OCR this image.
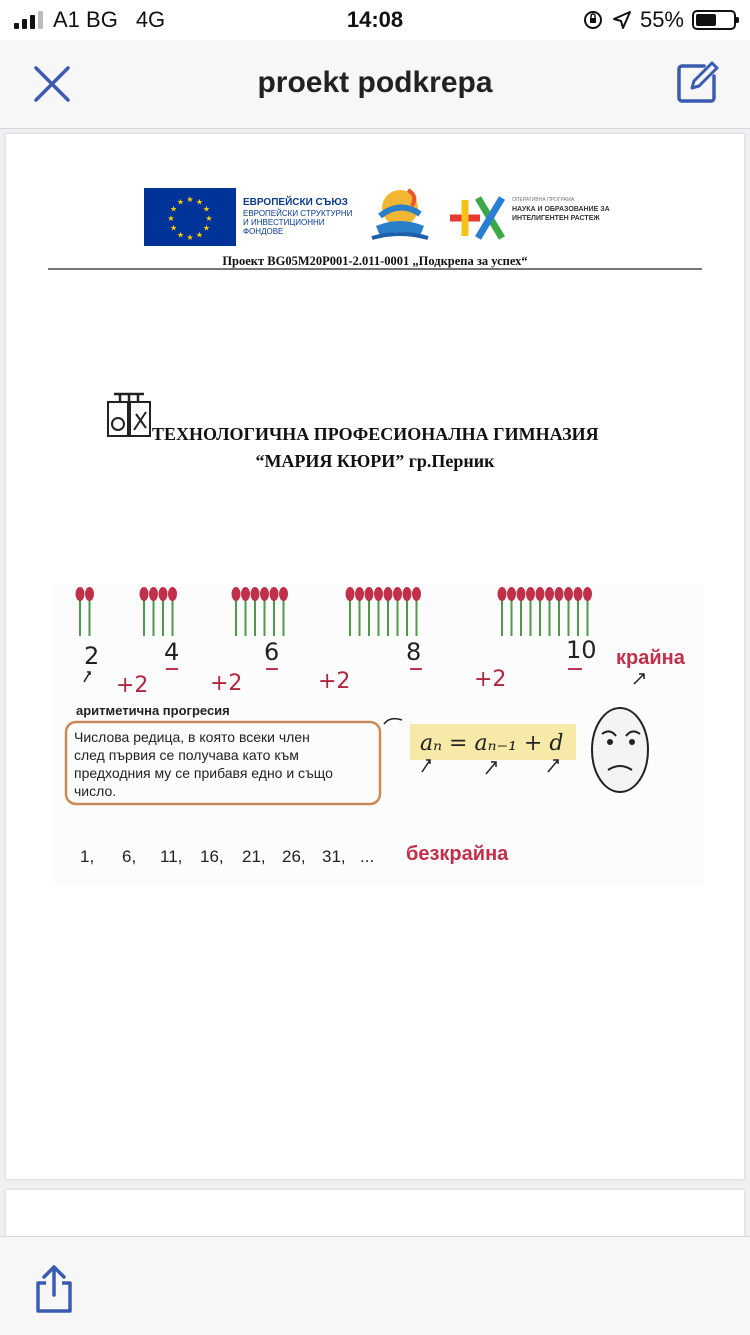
A1 BG 4G	14:08	55%
proekt podkrepa
★ ★
★
★
★
★
★
★
★
★
★
★	ЕВРОПЕЙСКИ СЪЮЗ
ЕВРОПЕЙСКИ СТРУКТУРНИ И ИНВЕСТИЦИОННИ ФОНДОВЕ
ОПЕРАТИВНА ПРОГРАМА
НАУКА И ОБРАЗОВАНИЕ ЗА ИНТЕЛИГЕНТЕН РАСТЕЖ
Проект BG05M20P001-2.011-0001 „Подкрепа за успех“
ТЕХНОЛОГИЧНА ПРОФЕСИОНАЛНА ГИМНАЗИЯ
“МАРИЯ КЮРИ” гр.Перник
2	4	6	8	10
+2	+2	+2	+2
крайна
аритметична прогресия
Числова редица, в която всеки член
след първия се получава като към
предходния му се прибавя едно и също
число.
aₙ = aₙ₋₁ + d
1, 6, 11, 16, 21, 26, 31, ... безкрайна
